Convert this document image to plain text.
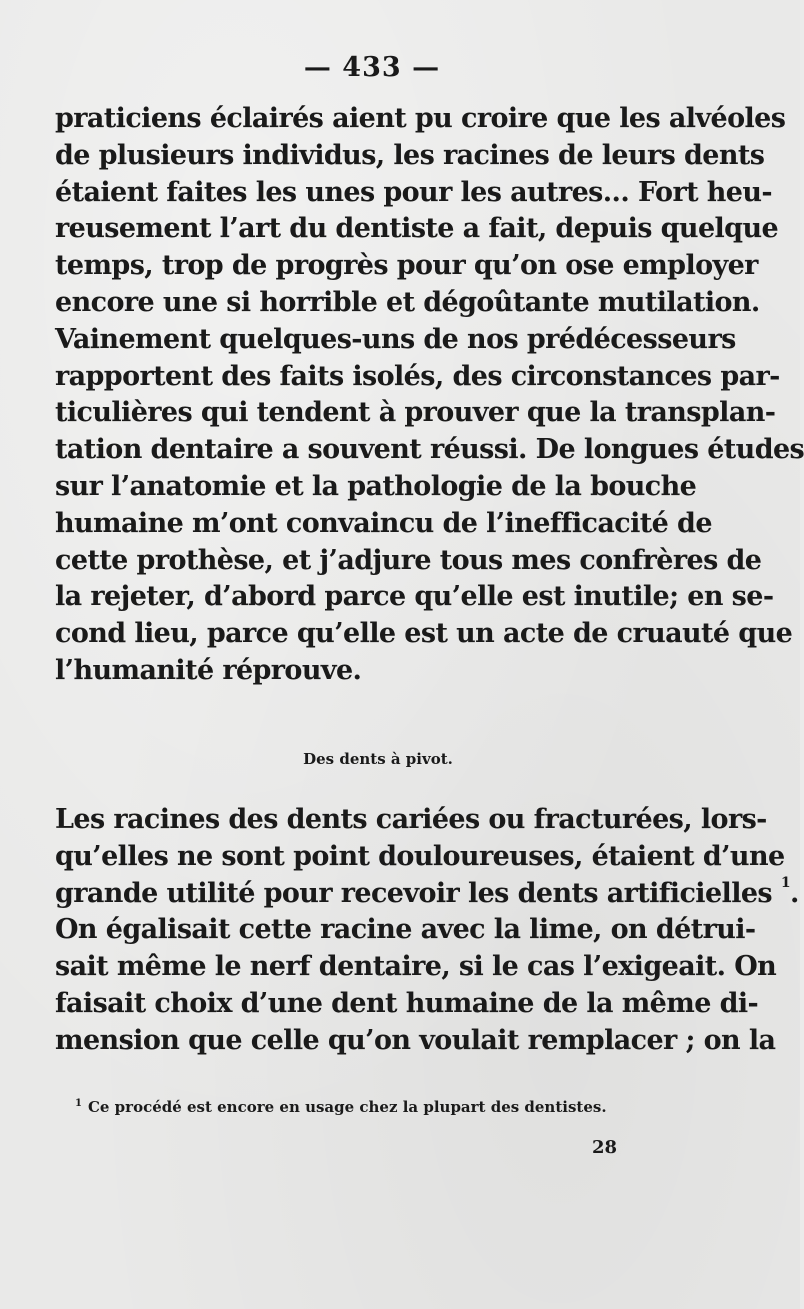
— 433 —
praticiens éclairés aient pu croire que les alvéoles
de plusieurs individus, les racines de leurs dents
étaient faites les unes pour les autres... Fort heu-
reusement l’art du dentiste a fait, depuis quelque
temps, trop de progrès pour qu’on ose employer
encore une si horrible et dégoûtante mutilation.
Vainement quelques-uns de nos prédécesseurs
rapportent des faits isolés, des circonstances par-
ticulières qui tendent à prouver que la transplan-
tation dentaire a souvent réussi. De longues études
sur l’anatomie et la pathologie de la bouche
humaine m’ont convaincu de l’inefficacité de
cette prothèse, et j’adjure tous mes confrères de
la rejeter, d’abord parce qu’elle est inutile; en se-
cond lieu, parce qu’elle est un acte de cruauté que
l’humanité réprouve.
Des dents à pivot.
Les racines des dents cariées ou fracturées, lors-
qu’elles ne sont point douloureuses, étaient d’une
grande utilité pour recevoir les dents artificielles $^1$.
On égalisait cette racine avec la lime, on détrui-
sait même le nerf dentaire, si le cas l’exigeait. On
faisait choix d’une dent humaine de la même di-
mension que celle qu’on voulait remplacer ; on la
$^1$ Ce procédé est encore en usage chez la plupart des dentistes.
28
